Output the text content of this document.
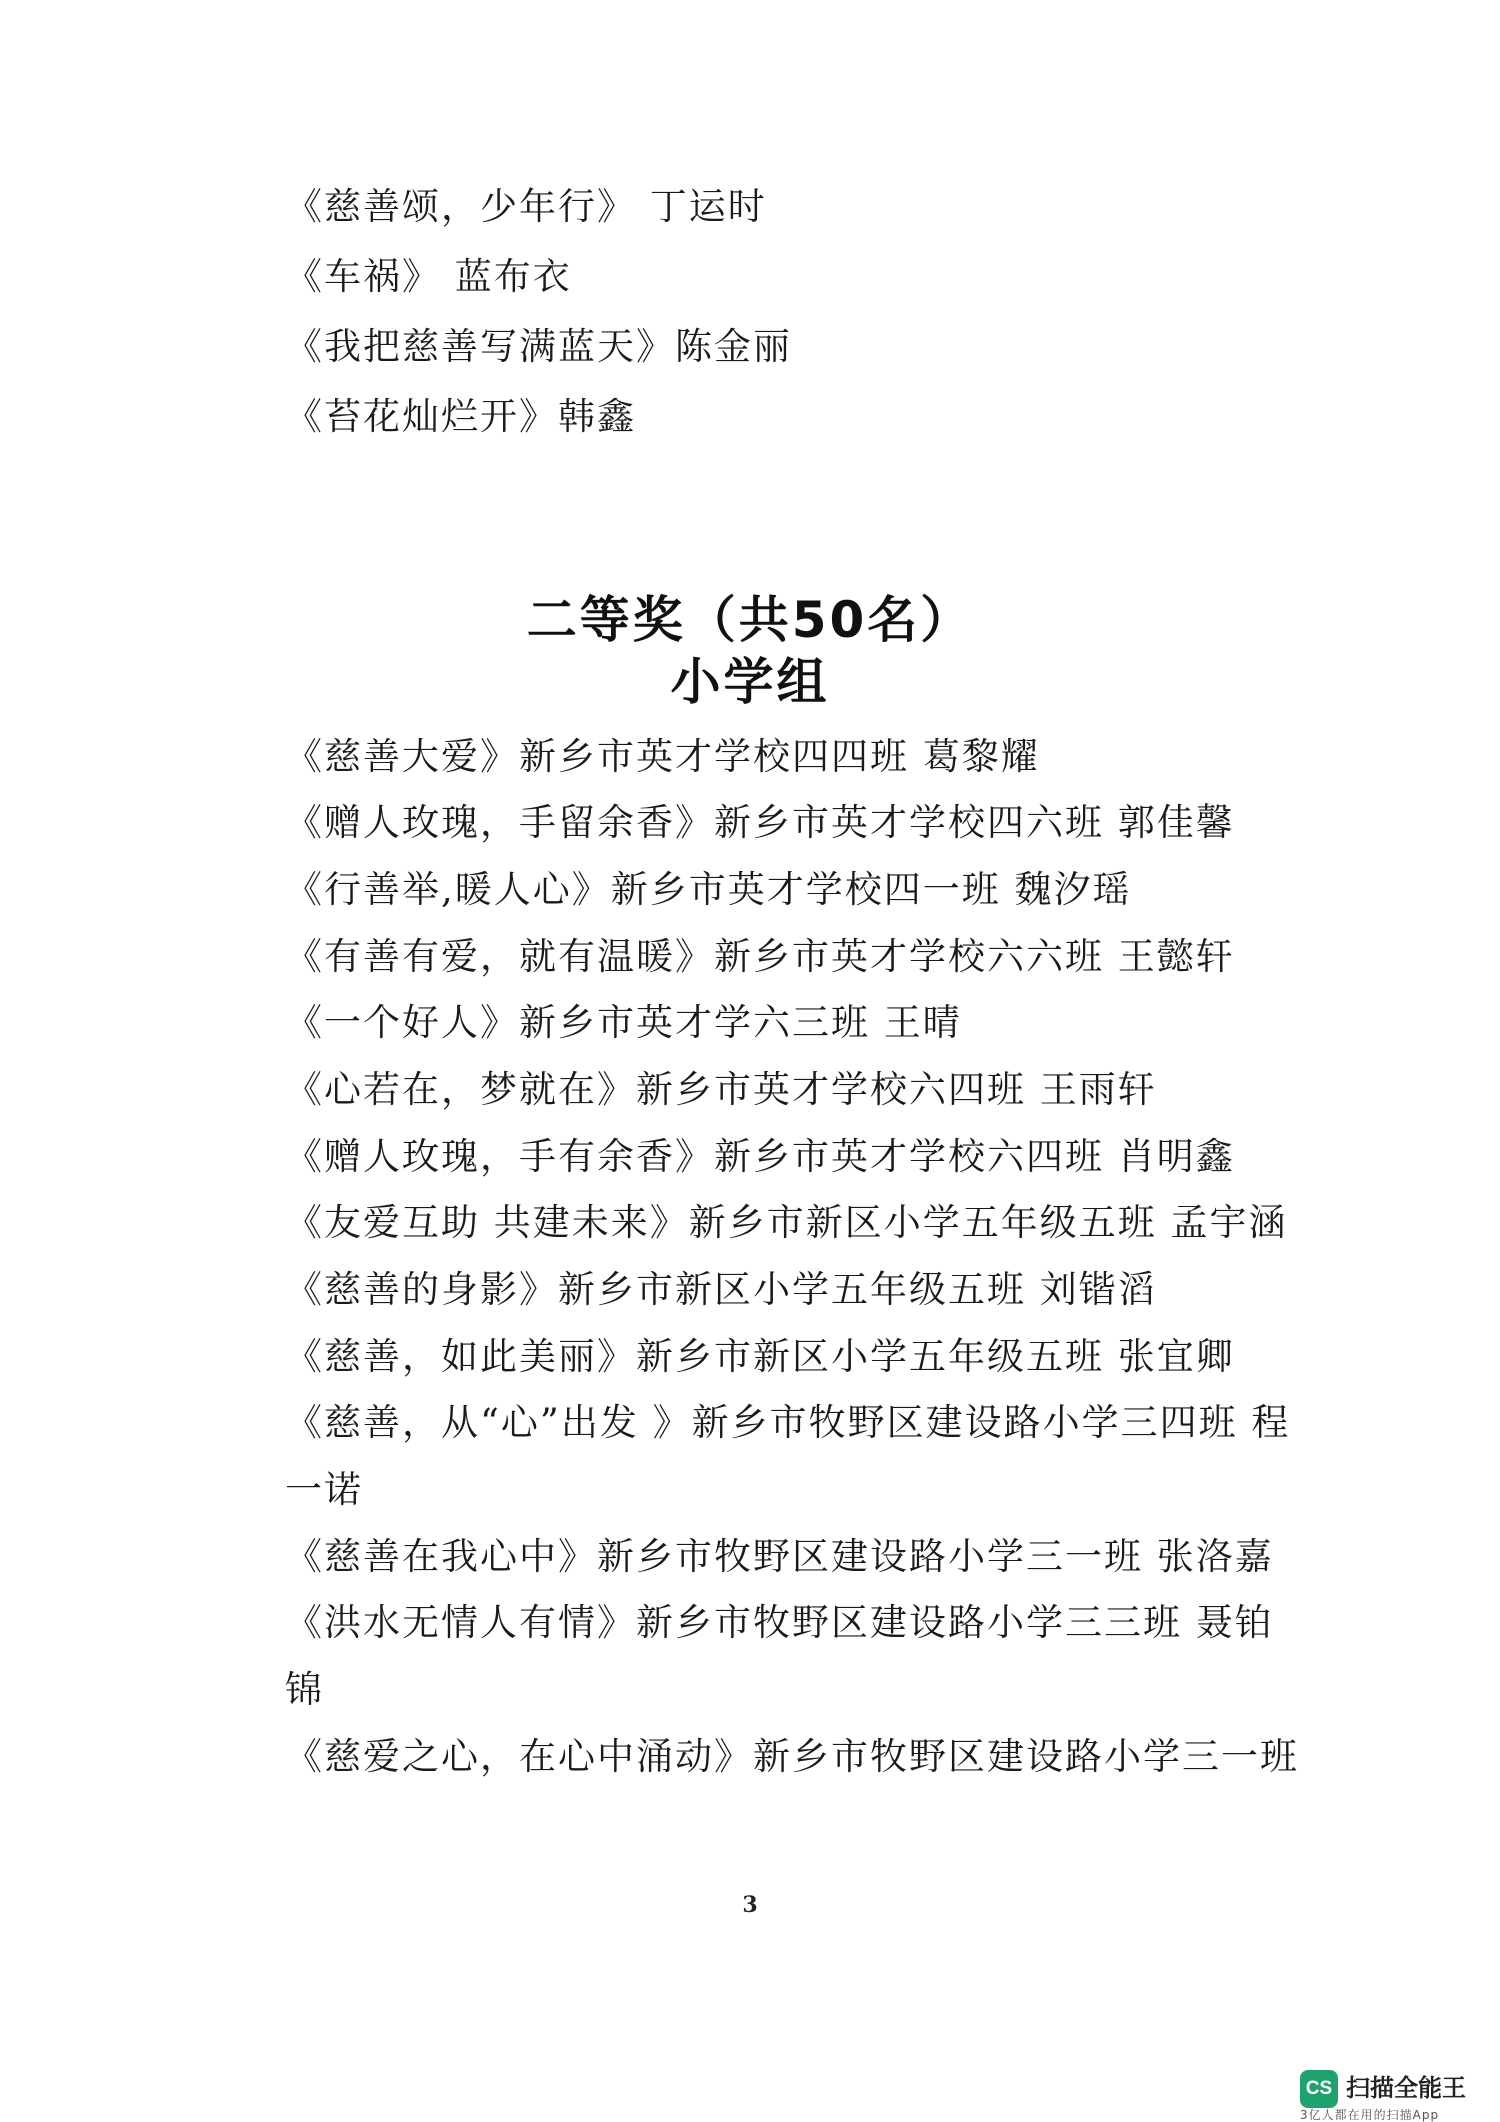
《慈善颂，少年行》 丁运时
《车祸》 蓝布衣
《我把慈善写满蓝天》陈金丽
《苔花灿烂开》韩鑫
二等奖（共50名）
小学组
《慈善大爱》新乡市英才学校四四班 葛黎耀
《赠人玫瑰，手留余香》新乡市英才学校四六班 郭佳馨
《行善举,暖人心》新乡市英才学校四一班 魏汐瑶
《有善有爱，就有温暖》新乡市英才学校六六班 王懿轩
《一个好人》新乡市英才学六三班 王晴
《心若在，梦就在》新乡市英才学校六四班 王雨轩
《赠人玫瑰，手有余香》新乡市英才学校六四班 肖明鑫
《友爱互助 共建未来》新乡市新区小学五年级五班 孟宇涵
《慈善的身影》新乡市新区小学五年级五班 刘锴滔
《慈善，如此美丽》新乡市新区小学五年级五班 张宜卿
《慈善，从“心”出发 》新乡市牧野区建设路小学三四班 程
一诺
《慈善在我心中》新乡市牧野区建设路小学三一班 张洛嘉
《洪水无情人有情》新乡市牧野区建设路小学三三班 聂铂
锦
《慈爱之心，在心中涌动》新乡市牧野区建设路小学三一班
3
CS 扫描全能王
3亿人都在用的扫描App
